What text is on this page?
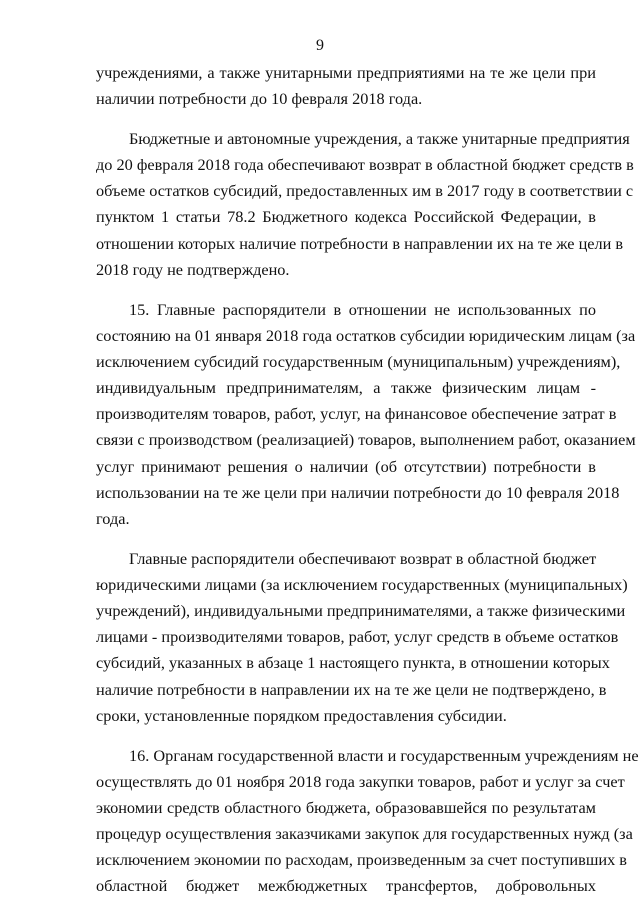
9

учреждениями, а также унитарными предприятиями на те же цели при
наличии потребности до 10 февраля 2018 года.

Бюджетные и автономные учреждения, а также унитарные предприятия
до 20 февраля 2018 года обеспечивают возврат в областной бюджет средств в
объеме остатков субсидий, предоставленных им в 2017 году в соответствии с
пунктом 1 статьи 78.2 Бюджетного кодекса Российской Федерации, в
отношении которых наличие потребности в направлении их на те же цели в
2018 году не подтверждено.

15. Главные распорядители в отношении не использованных по
состоянию на 01 января 2018 года остатков субсидии юридическим лицам (за
исключением субсидий государственным (муниципальным) учреждениям),
индивидуальным предпринимателям, а также физическим лицам -
производителям товаров, работ, услуг, на финансовое обеспечение затрат в
связи с производством (реализацией) товаров, выполнением работ, оказанием
услуг принимают решения о наличии (об отсутствии) потребности в
использовании на те же цели при наличии потребности до 10 февраля 2018
года.

Главные распорядители обеспечивают возврат в областной бюджет
юридическими лицами (за исключением государственных (муниципальных)
учреждений), индивидуальными предпринимателями, а также физическими
лицами - производителями товаров, работ, услуг средств в объеме остатков
субсидий, указанных в абзаце 1 настоящего пункта, в отношении которых
наличие потребности в направлении их на те же цели не подтверждено, в
сроки, установленные порядком предоставления субсидии.

16. Органам государственной власти и государственным учреждениям не
осуществлять до 01 ноября 2018 года закупки товаров, работ и услуг за счет
экономии средств областного бюджета, образовавшейся по результатам
процедур осуществления заказчиками закупок для государственных нужд (за
исключением экономии по расходам, произведенным за счет поступивших в
областной бюджет межбюджетных трансфертов, добровольных
